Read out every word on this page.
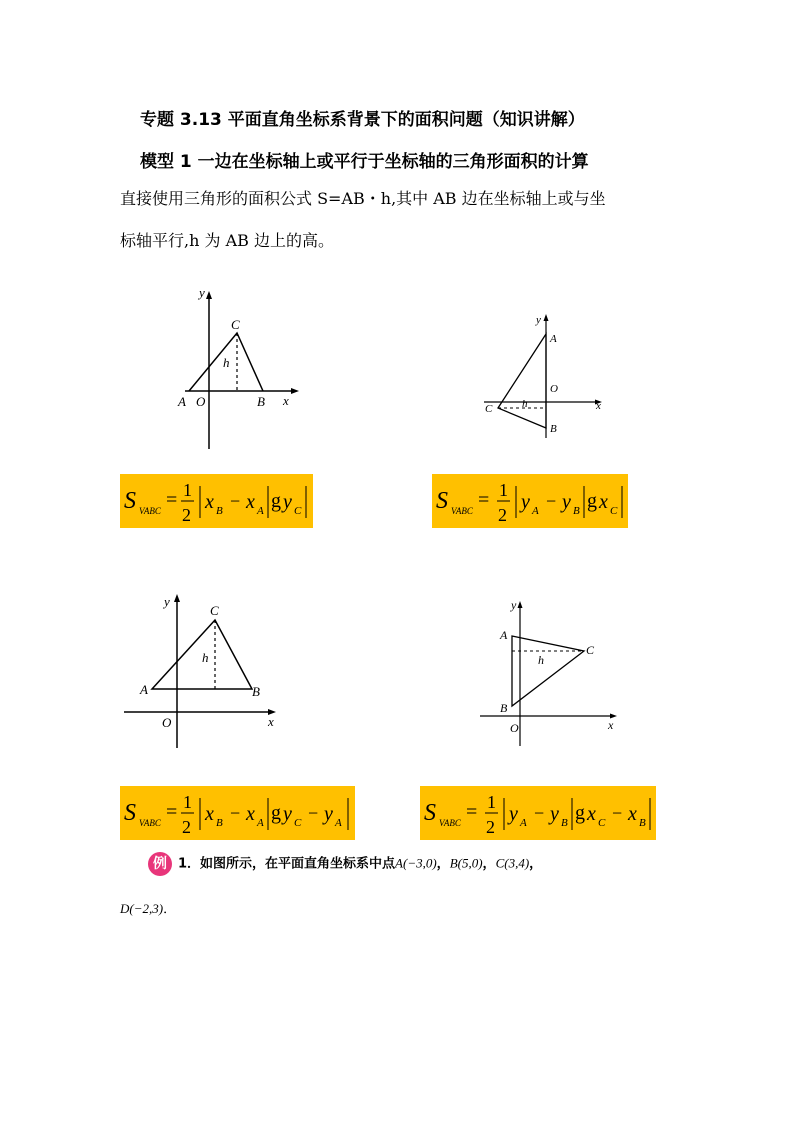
专题 3.13 平面直角坐标系背景下的面积问题（知识讲解）
模型 1 一边在坐标轴上或平行于坐标轴的三角形面积的计算
直接使用三角形的面积公式 S=AB・h,其中 AB 边在坐标轴上或与坐
标轴平行,h 为 AB 边上的高。
y
x
C
h
A O	B
y
x
A
O
C	h
B
S VABC = 1
2
x B − x A g y C	S VABC = 1
2
y A − y B g x C
y
x
C
h
A	B
O
y
x
A
C
h
B
O
S VABC = 1
2
x B − x A g y C − y A	S VABC = 1
2
y A − y B g x C − x B
例 1．如图所示，在平面直角坐标系中点A(−3,0)，B(5,0)，C(3,4)，
D(−2,3)．
